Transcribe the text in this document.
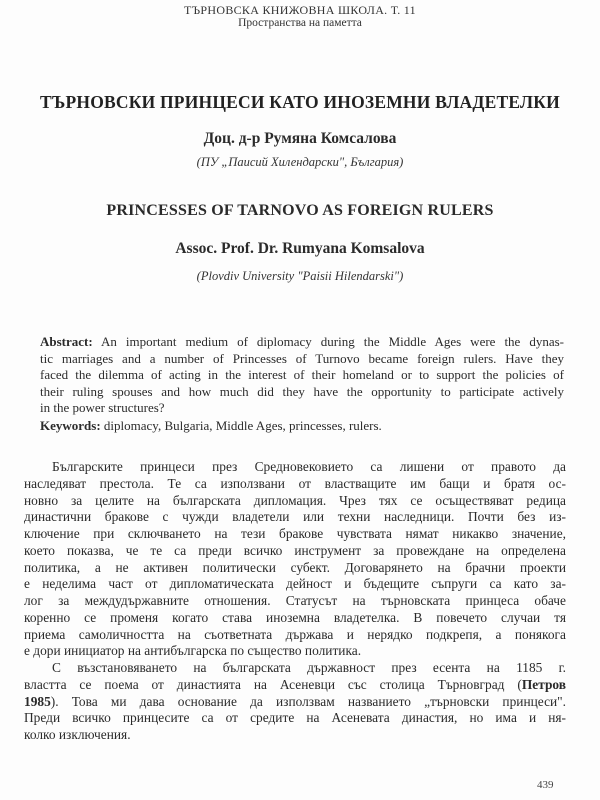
ТЪРНОВСКА КНИЖОВНА ШКОЛА. Т. 11
Пространства на паметта
ТЪРНОВСКИ ПРИНЦЕСИ КАТО ИНОЗЕМНИ ВЛАДЕТЕЛКИ
Доц. д-р Румяна Комсалова
(ПУ „Паисий Хилендарски", България)
PRINCESSES OF TARNOVO AS FOREIGN RULERS
Assoc. Prof. Dr. Rumyana Komsalova
(Plovdiv University "Paisii Hilendarski")
Abstract: An important medium of diplomacy during the Middle Ages were the dynas-
tic marriages and a number of Princesses of Turnovo became foreign rulers. Have they
faced the dilemma of acting in the interest of their homeland or to support the policies of
their ruling spouses and how much did they have the opportunity to participate actively
in the power structures?
Keywords: diplomacy, Bulgaria, Middle Ages, princesses, rulers.
Българските принцеси през Средновековието са лишени от правото да
наследяват престола. Те са използвани от властващите им бащи и братя ос-
новно за целите на българската дипломация. Чрез тях се осъществяват редица
династични бракове с чужди владетели или техни наследници. Почти без из-
ключение при сключването на тези бракове чувствата нямат никакво значение,
което показва, че те са преди всичко инструмент за провеждане на определена
политика, а не активен политически субект. Договарянето на брачни проекти
е неделима част от дипломатическата дейност и бъдещите съпруги са като за-
лог за междудържавните отношения. Статусът на търновската принцеса обаче
коренно се променя когато става иноземна владетелка. В повечето случаи тя
приема самоличността на съответната държава и нерядко подкрепя, а понякога
е дори инициатор на антибългарска по същество политика.
С възстановяването на българската държавност през есента на 1185 г.
властта се поема от династията на Асеневци със столица Търновград (Петров
1985). Това ми дава основание да използвам названието „търновски принцеси".
Преди всичко принцесите са от средите на Асеневата династия, но има и ня-
колко изключения.
439
